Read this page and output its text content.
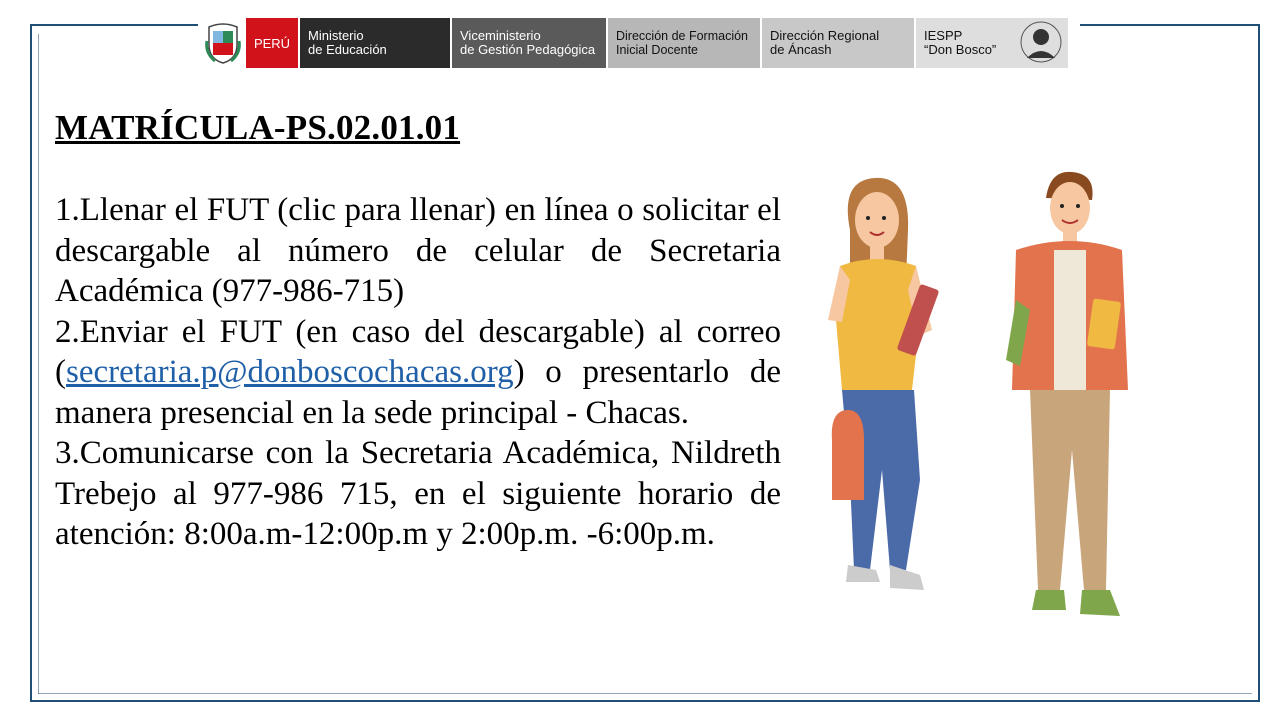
PERÚ	Ministerio
de Educación
Viceministerio
de Gestión Pedagógica
Dirección de Formación
Inicial Docente
Dirección Regional
de Áncash
IESPP
“Don Bosco”
MATRÍCULA-PS.02.01.01

1.Llenar el FUT (clic para llenar) en línea o solicitar el descargable al número de celular de Secretaria Académica (977-986-715)

2.Enviar el FUT (en caso del descargable) al correo (secretaria.p@donboscochacas.org) o presentarlo de manera presencial en la sede principal - Chacas.

3.Comunicarse con la Secretaria Académica, Nildreth Trebejo al 977-986 715, en el siguiente horario de atención: 8:00a.m-12:00p.m y 2:00p.m. -6:00p.m.
